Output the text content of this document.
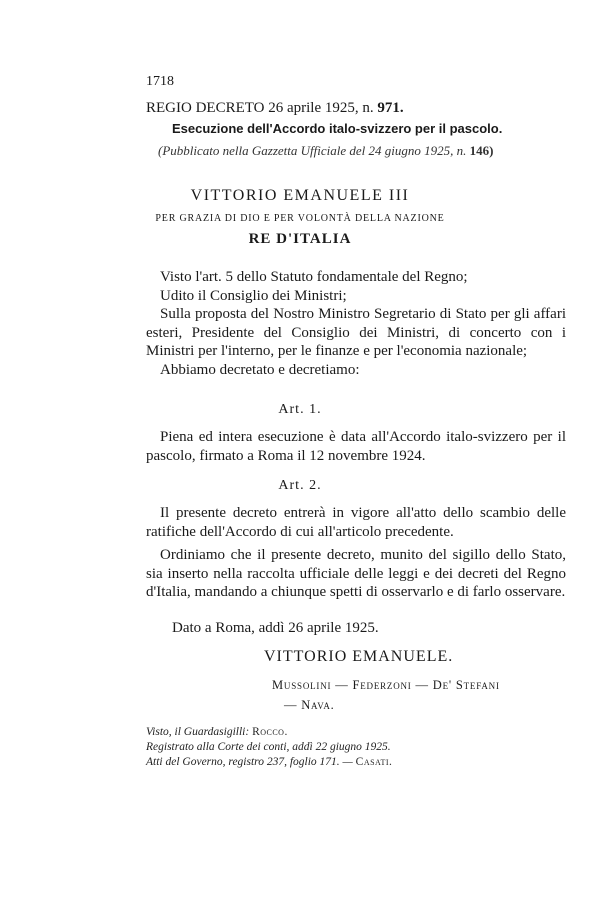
1718
REGIO DECRETO 26 aprile 1925, n. 971.
Esecuzione dell'Accordo italo-svizzero per il pascolo.
(Pubblicato nella Gazzetta Ufficiale del 24 giugno 1925, n. 146)
VITTORIO EMANUELE III
PER GRAZIA DI DIO E PER VOLONTÀ DELLA NAZIONE
RE D'ITALIA

Visto l'art. 5 dello Statuto fondamentale del Regno;

Udito il Consiglio dei Ministri;

Sulla proposta del Nostro Ministro Segretario di Stato per gli affari esteri, Presidente del Consiglio dei Ministri, di concerto con i Ministri per l'interno, per le finanze e per l'economia nazionale;

Abbiamo decretato e decretiamo:

Art. 1.

Piena ed intera esecuzione è data all'Accordo italo-svizzero per il pascolo, firmato a Roma il 12 novembre 1924.

Art. 2.

Il presente decreto entrerà in vigore all'atto dello scambio delle ratifiche dell'Accordo di cui all'articolo precedente.

Ordiniamo che il presente decreto, munito del sigillo dello Stato, sia inserto nella raccolta ufficiale delle leggi e dei decreti del Regno d'Italia, mandando a chiunque spetti di osservarlo e di farlo osservare.

Dato a Roma, addì 26 aprile 1925.
VITTORIO EMANUELE.
Mussolini — Federzoni — De' Stefani
— Nava.
Visto, il Guardasigilli: Rocco.
Registrato alla Corte dei conti, addì 22 giugno 1925.
Atti del Governo, registro 237, foglio 171. — Casati.
